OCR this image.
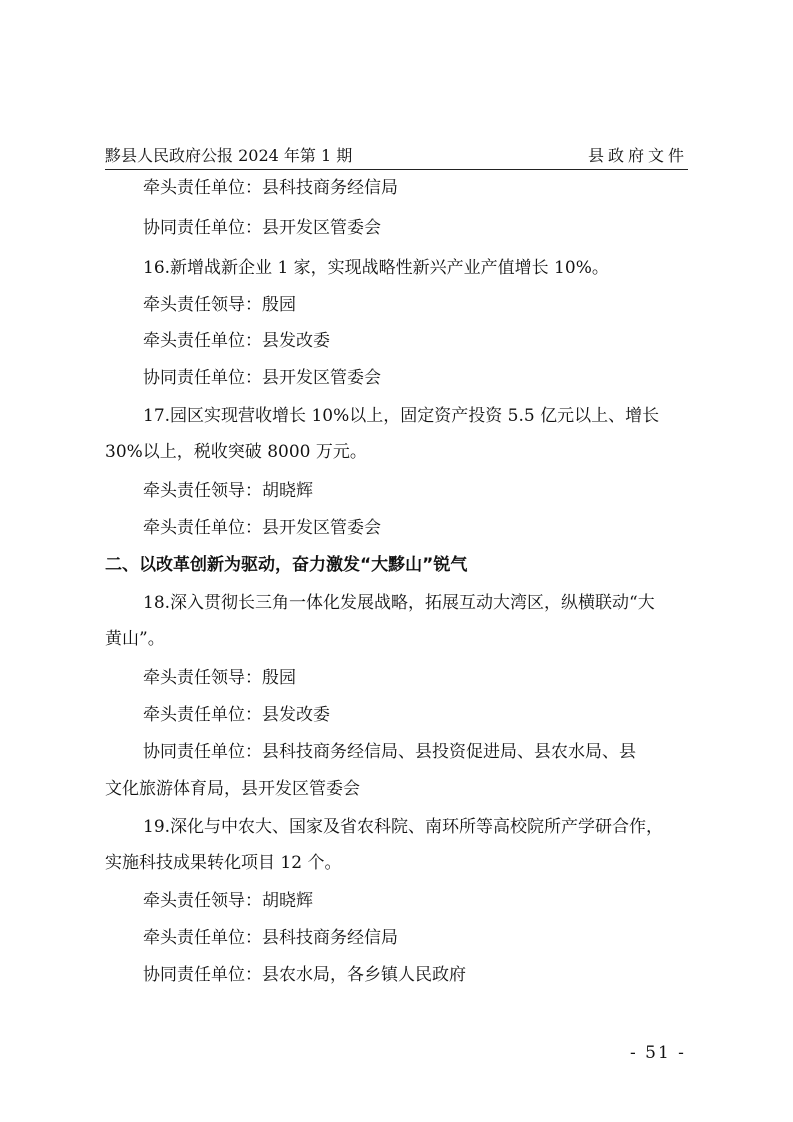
黟县人民政府公报 2024 年第 1 期	县政府文件

牵头责任单位：县科技商务经信局

协同责任单位：县开发区管委会

16.新增战新企业 1 家，实现战略性新兴产业产值增长 10%。

牵头责任领导：殷园

牵头责任单位：县发改委

协同责任单位：县开发区管委会

17.园区实现营收增长 10%以上，固定资产投资 5.5 亿元以上、增长

30%以上，税收突破 8000 万元。

牵头责任领导：胡晓辉

牵头责任单位：县开发区管委会

二、以改革创新为驱动，奋力激发“大黟山”锐气

18.深入贯彻长三角一体化发展战略，拓展互动大湾区，纵横联动“大

黄山”。

牵头责任领导：殷园

牵头责任单位：县发改委

协同责任单位：县科技商务经信局、县投资促进局、县农水局、县

文化旅游体育局，县开发区管委会

19.深化与中农大、国家及省农科院、南环所等高校院所产学研合作，

实施科技成果转化项目 12 个。

牵头责任领导：胡晓辉

牵头责任单位：县科技商务经信局

协同责任单位：县农水局，各乡镇人民政府

- 51 -
